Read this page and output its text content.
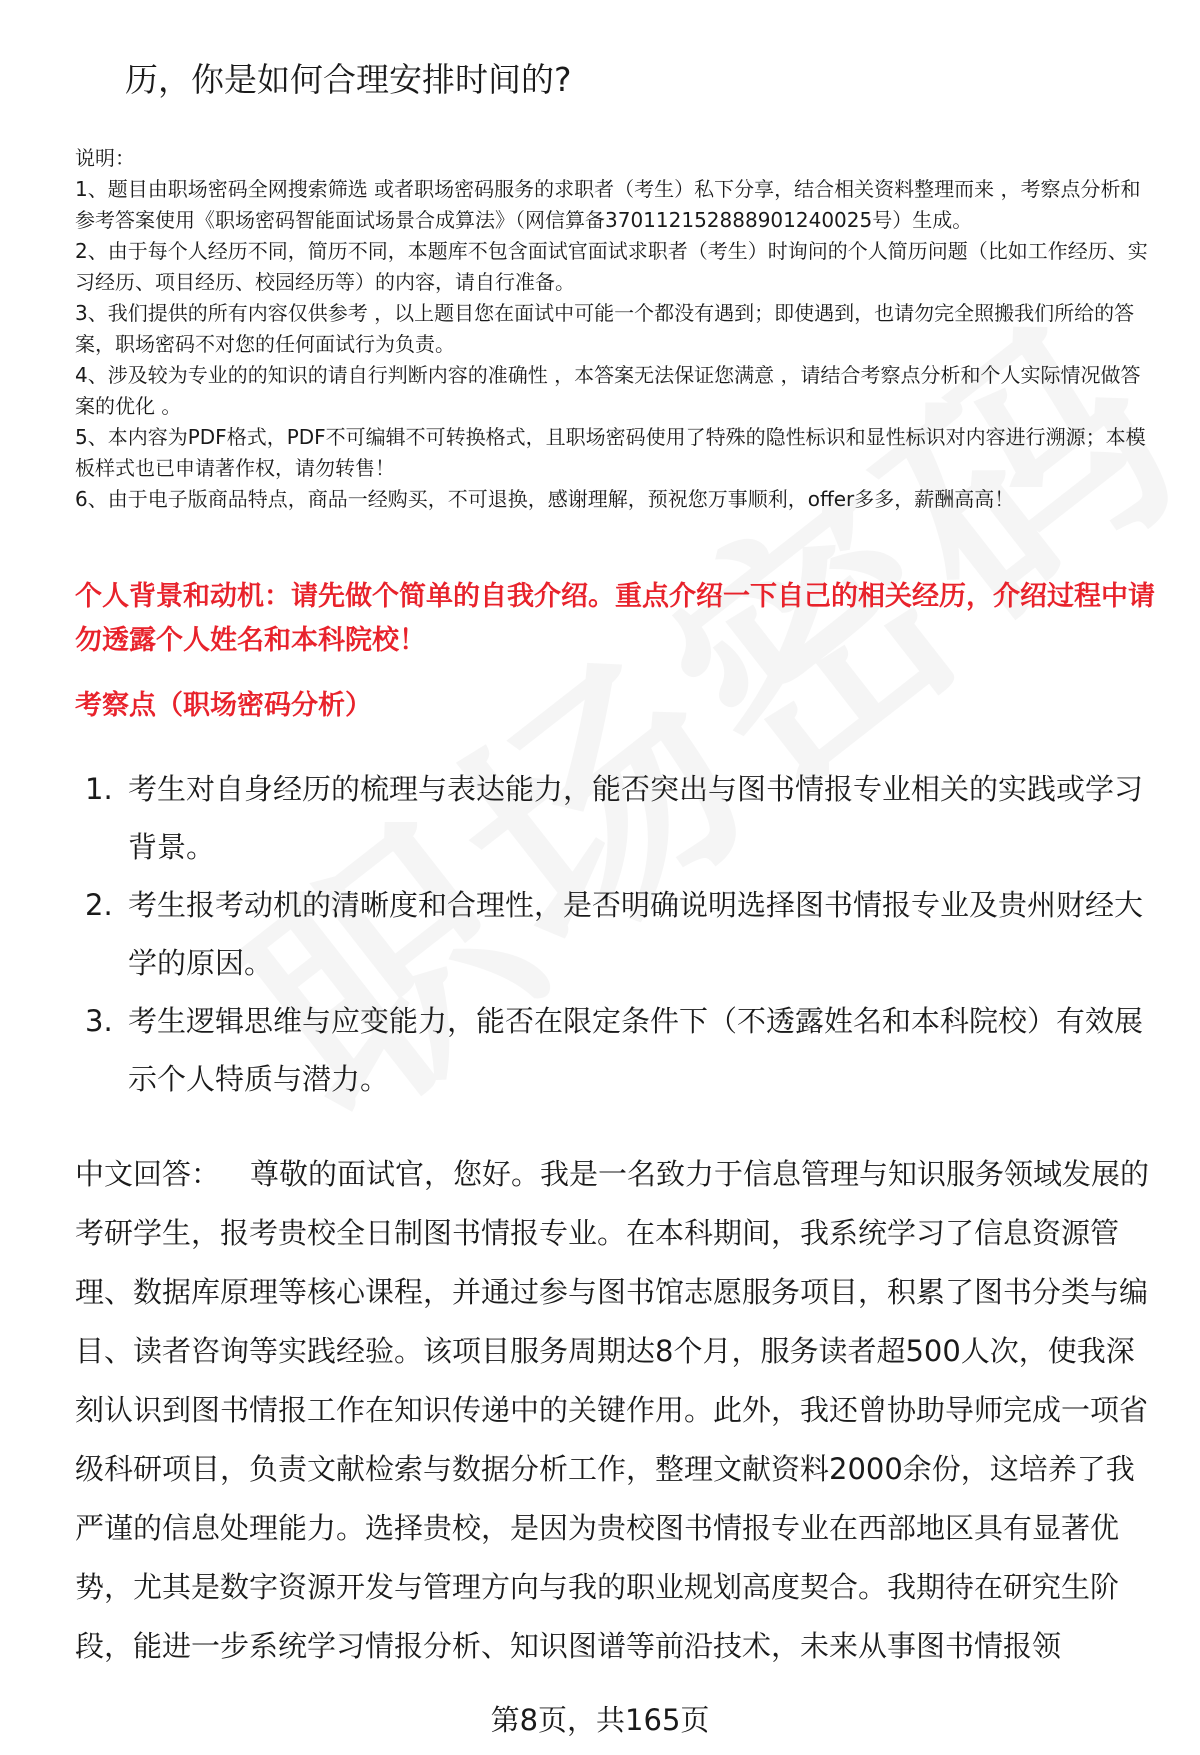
历，你是如何合理安排时间的?

说明：

1、题目由职场密码全网搜索筛选 或者职场密码服务的求职者（考生）私下分享，结合相关资料整理而来 ，考察点分析和参考答案使用《职场密码智能面试场景合成算法》（网信算备370112152888901240025号）生成。

2、由于每个人经历不同，简历不同，本题库不包含面试官面试求职者（考生）时询问的个人简历问题（比如工作经历、实习经历、项目经历、校园经历等）的内容，请自行准备。

3、我们提供的所有内容仅供参考 ，以上题目您在面试中可能一个都没有遇到；即使遇到，也请勿完全照搬我们所给的答案，职场密码不对您的任何面试行为负责。

4、涉及较为专业的的知识的请自行判断内容的准确性 ，本答案无法保证您满意 ，请结合考察点分析和个人实际情况做答案的优化 。

5、本内容为PDF格式，PDF不可编辑不可转换格式，且职场密码使用了特殊的隐性标识和显性标识对内容进行溯源；本模板样式也已申请著作权，请勿转售！

6、由于电子版商品特点，商品一经购买，不可退换，感谢理解，预祝您万事顺利，offer多多，薪酬高高！

个人背景和动机：请先做个简单的自我介绍。重点介绍一下自己的相关经历，介绍过程中请勿透露个人姓名和本科院校！

考察点（职场密码分析）

1. 考生对自身经历的梳理与表达能力，能否突出与图书情报专业相关的实践或学习背景。
2. 考生报考动机的清晰度和合理性，是否明确说明选择图书情报专业及贵州财经大学的原因。
3. 考生逻辑思维与应变能力，能否在限定条件下（不透露姓名和本科院校）有效展示个人特质与潜力。

中文回答： 尊敬的面试官，您好。我是一名致力于信息管理与知识服务领域发展的考研学生，报考贵校全日制图书情报专业。在本科期间，我系统学习了信息资源管理、数据库原理等核心课程，并通过参与图书馆志愿服务项目，积累了图书分类与编目、读者咨询等实践经验。该项目服务周期达8个月，服务读者超500人次，使我深刻认识到图书情报工作在知识传递中的关键作用。此外，我还曾协助导师完成一项省级科研项目，负责文献检索与数据分析工作，整理文献资料2000余份，这培养了我严谨的信息处理能力。选择贵校，是因为贵校图书情报专业在西部地区具有显著优势，尤其是数字资源开发与管理方向与我的职业规划高度契合。我期待在研究生阶段，能进一步系统学习情报分析、知识图谱等前沿技术，未来从事图书情报领

第8页，共165页
